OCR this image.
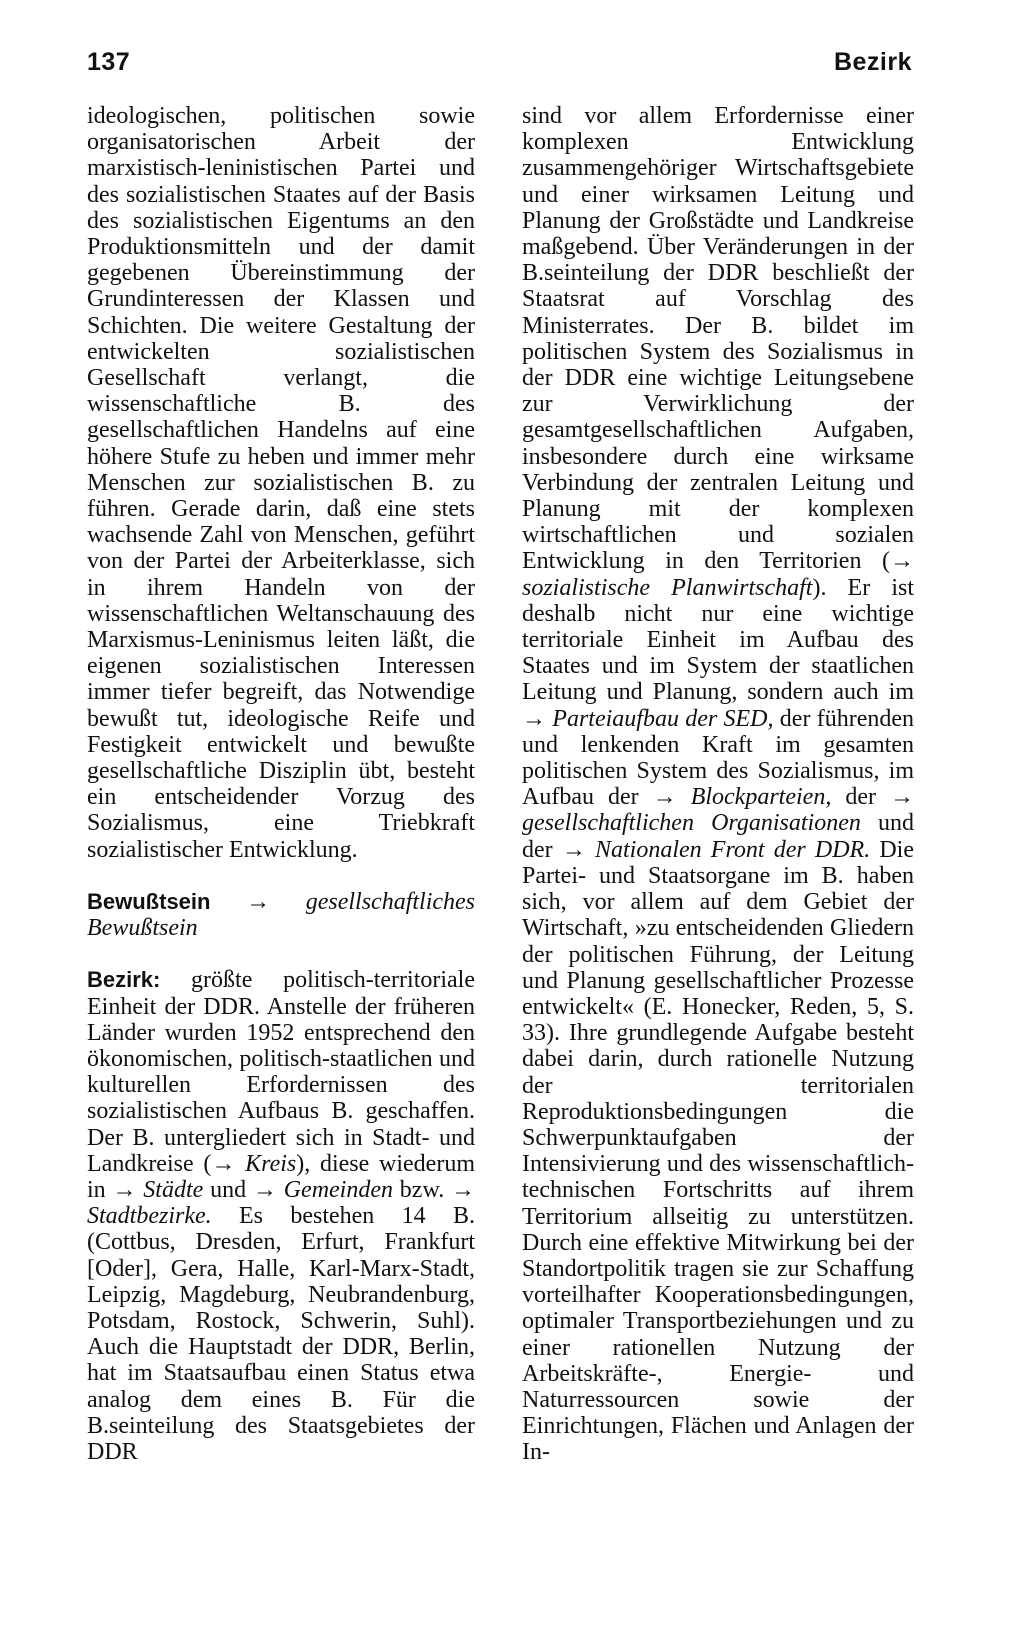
137	Bezirk

ideologischen, politischen sowie organisatorischen Arbeit der marxistisch-leninistischen Partei und des sozialistischen Staates auf der Basis des sozialistischen Eigentums an den Produktionsmitteln und der damit gegebenen Übereinstimmung der Grundinteressen der Klassen und Schichten. Die weitere Gestaltung der entwickelten sozialistischen Gesellschaft verlangt, die wissenschaftliche B. des gesellschaftlichen Handelns auf eine höhere Stufe zu heben und immer mehr Menschen zur sozialistischen B. zu führen. Gerade darin, daß eine stets wachsende Zahl von Menschen, geführt von der Partei der Arbeiterklasse, sich in ihrem Handeln von der wissenschaftlichen Weltanschauung des Marxismus-Leninismus leiten läßt, die eigenen sozialistischen Interessen immer tiefer begreift, das Notwendige bewußt tut, ideologische Reife und Festigkeit entwickelt und bewußte gesellschaftliche Disziplin übt, besteht ein entscheidender Vorzug des Sozialismus, eine Triebkraft sozialistischer Entwicklung.

Bewußtsein → gesellschaftliches Bewußtsein

Bezirk: größte politisch-territoriale Einheit der DDR. Anstelle der früheren Länder wurden 1952 entsprechend den ökonomischen, politisch-staatlichen und kulturellen Erfordernissen des sozialistischen Aufbaus B. geschaffen. Der B. untergliedert sich in Stadt- und Landkreise (→ Kreis), diese wiederum in → Städte und → Gemeinden bzw. → Stadtbezirke. Es bestehen 14 B. (Cottbus, Dresden, Erfurt, Frankfurt [Oder], Gera, Halle, Karl-Marx-Stadt, Leipzig, Magdeburg, Neubrandenburg, Potsdam, Rostock, Schwerin, Suhl). Auch die Hauptstadt der DDR, Berlin, hat im Staatsaufbau einen Status etwa analog dem eines B. Für die B.seinteilung des Staatsgebietes der DDR

sind vor allem Erfordernisse einer komplexen Entwicklung zusammengehöriger Wirtschaftsgebiete und einer wirksamen Leitung und Planung der Großstädte und Landkreise maßgebend. Über Veränderungen in der B.seinteilung der DDR beschließt der Staatsrat auf Vorschlag des Ministerrates. Der B. bildet im politischen System des Sozialismus in der DDR eine wichtige Leitungsebene zur Verwirklichung der gesamtgesellschaftlichen Aufgaben, insbesondere durch eine wirksame Verbindung der zentralen Leitung und Planung mit der komplexen wirtschaftlichen und sozialen Entwicklung in den Territorien (→ sozialistische Planwirtschaft). Er ist deshalb nicht nur eine wichtige territoriale Einheit im Aufbau des Staates und im System der staatlichen Leitung und Planung, sondern auch im → Parteiaufbau der SED, der führenden und lenkenden Kraft im gesamten politischen System des Sozialismus, im Aufbau der → Blockparteien, der → gesellschaftlichen Organisationen und der → Nationalen Front der DDR. Die Partei- und Staatsorgane im B. haben sich, vor allem auf dem Gebiet der Wirtschaft, »zu entscheidenden Gliedern der politischen Führung, der Leitung und Planung gesellschaftlicher Prozesse entwickelt« (E. Honecker, Reden, 5, S. 33). Ihre grundlegende Aufgabe besteht dabei darin, durch rationelle Nutzung der territorialen Reproduktionsbedingungen die Schwerpunktaufgaben der Intensivierung und des wissenschaftlich-technischen Fortschritts auf ihrem Territorium allseitig zu unterstützen. Durch eine effektive Mitwirkung bei der Standortpolitik tragen sie zur Schaffung vorteilhafter Kooperationsbedingungen, optimaler Transportbeziehungen und zu einer rationellen Nutzung der Arbeitskräfte-, Energie- und Naturressourcen sowie der Einrichtungen, Flächen und Anlagen der In-
